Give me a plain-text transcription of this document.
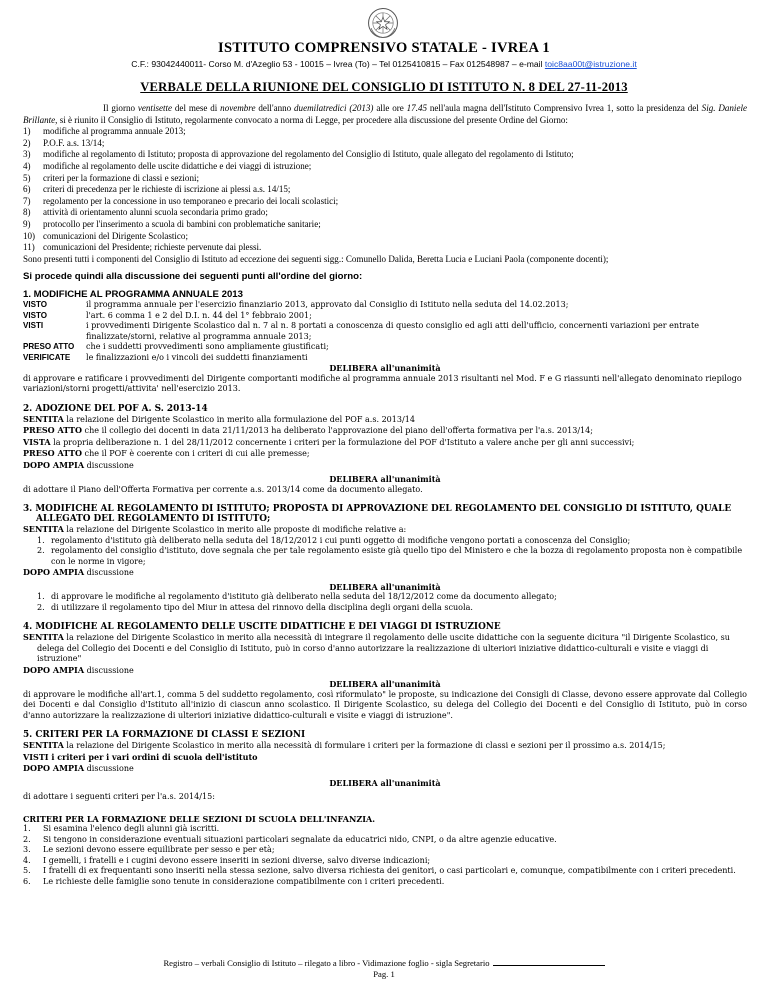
ISTITUTO COMPRENSIVO STATALE - IVREA 1
C.F.: 93042440011- Corso M. d'Azeglio 53 - 10015 – Ivrea (To) – Tel 0125410815 – Fax 012548987 – e-mail toic8aa00t@istruzione.it
VERBALE DELLA RIUNIONE DEL CONSIGLIO DI ISTITUTO N. 8 DEL 27-11-2013

Il giorno ventisette del mese di novembre dell'anno duemilatredici (2013) alle ore 17.45 nell'aula magna dell'Istituto Comprensivo Ivrea 1, sotto la presidenza del Sig. Daniele Brillante, si è riunito il Consiglio di Istituto, regolarmente convocato a norma di Legge, per procedere alla discussione del presente Ordine del Giorno:

1)	modifiche al programma annuale 2013;
2)	P.O.F. a.s. 13/14;
3)	modifiche al regolamento di Istituto; proposta di approvazione del regolamento del Consiglio di Istituto, quale allegato del regolamento di Istituto;
4)	modifiche al regolamento delle uscite didattiche e dei viaggi di istruzione;
5)	criteri per la formazione di classi e sezioni;
6)	criteri di precedenza per le richieste di iscrizione ai plessi a.s. 14/15;
7)	regolamento per la concessione in uso temporaneo e precario dei locali scolastici;
8)	attività di orientamento alunni scuola secondaria primo grado;
9)	protocollo per l'inserimento a scuola di bambini con problematiche sanitarie;
10) comunicazioni del Dirigente Scolastico;
11) comunicazioni del Presidente; richieste pervenute dai plessi.

Sono presenti tutti i componenti del Consiglio di Istituto ad eccezione dei seguenti sigg.: Comunello Dalida, Beretta Lucia e Luciani Paola (componente docenti);

Si procede quindi alla discussione dei seguenti punti all'ordine del giorno:
1. MODIFICHE AL PROGRAMMA ANNUALE 2013
VISTO	il programma annuale per l'esercizio finanziario 2013, approvato dal Consiglio di Istituto nella seduta del 14.02.2013;
VISTO	l'art. 6 comma 1 e 2 del D.I. n. 44 del 1° febbraio 2001;
VISTI	i provvedimenti Dirigente Scolastico dal n. 7 al n. 8 portati a conoscenza di questo consiglio ed agli atti dell'ufficio, concernenti variazioni per entrate finalizzate/storni, relative al programma annuale 2013;
PRESO ATTO	che i suddetti provvedimenti sono ampliamente giustificati;
VERIFICATE	le finalizzazioni e/o i vincoli dei suddetti finanziamenti

DELIBERA all'unanimità

di approvare e ratificare i provvedimenti del Dirigente comportanti modifiche al programma annuale 2013 risultanti nel Mod. F e G riassunti nell'allegato denominato riepilogo variazioni/storni progetti/attivita' nell'esercizio 2013.

2. ADOZIONE DEL POF A. S. 2013-14

SENTITA la relazione del Dirigente Scolastico in merito alla formulazione del POF a.s. 2013/14

PRESO ATTO che il collegio dei docenti in data 21/11/2013 ha deliberato l'approvazione del piano dell'offerta formativa per l'a.s. 2013/14;

VISTA la propria deliberazione n. 1 del 28/11/2012 concernente i criteri per la formulazione del POF d'Istituto a valere anche per gli anni successivi;

PRESO ATTO che il POF è coerente con i criteri di cui alle premesse;

DOPO AMPIA discussione

DELIBERA all'unanimità

di adottare il Piano dell'Offerta Formativa per corrente a.s. 2013/14 come da documento allegato.

3. MODIFICHE AL REGOLAMENTO DI ISTITUTO; PROPOSTA DI APPROVAZIONE DEL REGOLAMENTO DEL CONSIGLIO DI ISTITUTO, QUALE
ALLEGATO DEL REGOLAMENTO DI ISTITUTO;

SENTITA la relazione del Dirigente Scolastico in merito alle proposte di modifiche relative a:

1. regolamento d'istituto già deliberato nella seduta del 18/12/2012 i cui punti oggetto di modifiche vengono portati a conoscenza del Consiglio;
2. regolamento del consiglio d'istituto, dove segnala che per tale regolamento esiste già quello tipo del Ministero e che la bozza di regolamento proposta non è compatibile con le norme in vigore;

DOPO AMPIA discussione

DELIBERA all'unanimità

1. di approvare le modifiche al regolamento d'istituto già deliberato nella seduta del 18/12/2012 come da documento allegato;
2. di utilizzare il regolamento tipo del Miur in attesa del rinnovo della disciplina degli organi della scuola.
4. MODIFICHE AL REGOLAMENTO DELLE USCITE DIDATTICHE E DEI VIAGGI DI ISTRUZIONE

SENTITA la relazione del Dirigente Scolastico in merito alla necessità di integrare il regolamento delle uscite didattiche con la seguente dicitura "il Dirigente Scolastico, su delega del Collegio dei Docenti e del Consiglio di Istituto, può in corso d'anno autorizzare la realizzazione di ulteriori iniziative didattico-culturali e visite e viaggi di istruzione"

DOPO AMPIA discussione

DELIBERA all'unanimità

di approvare le modifiche all'art.1, comma 5 del suddetto regolamento, così riformulato" le proposte, su indicazione dei Consigli di Classe, devono essere approvate dal Collegio dei Docenti e dal Consiglio d'Istituto all'inizio di ciascun anno scolastico. Il Dirigente Scolastico, su delega del Collegio dei Docenti e del Consiglio di Istituto, può in corso d'anno autorizzare la realizzazione di ulteriori iniziative didattico-culturali e visite e viaggi di istruzione".

5. CRITERI PER LA FORMAZIONE DI CLASSI E SEZIONI

SENTITA la relazione del Dirigente Scolastico in merito alla necessità di formulare i criteri per la formazione di classi e sezioni per il prossimo a.s. 2014/15;

VISTI i criteri per i vari ordini di scuola dell'istituto

DOPO AMPIA discussione

DELIBERA all'unanimità

di adottare i seguenti criteri per l'a.s. 2014/15:

CRITERI PER LA FORMAZIONE DELLE SEZIONI DI SCUOLA DELL'INFANZIA.

1.	Si esamina l'elenco degli alunni già iscritti.
2.	Si tengono in considerazione eventuali situazioni particolari segnalate da educatrici nido, CNPI, o da altre agenzie educative.
3.	Le sezioni devono essere equilibrate per sesso e per età;
4.	I gemelli, i fratelli e i cugini devono essere inseriti in sezioni diverse, salvo diverse indicazioni;
5.	I fratelli di ex frequentanti sono inseriti nella stessa sezione, salvo diversa richiesta dei genitori, o casi particolari e, comunque, compatibilmente con i criteri precedenti.
6.	Le richieste delle famiglie sono tenute in considerazione compatibilmente con i criteri precedenti.
Registro – verbali Consiglio di Istituto – rilegato a libro - Vidimazione foglio - sigla Segretario
Pag. 1
